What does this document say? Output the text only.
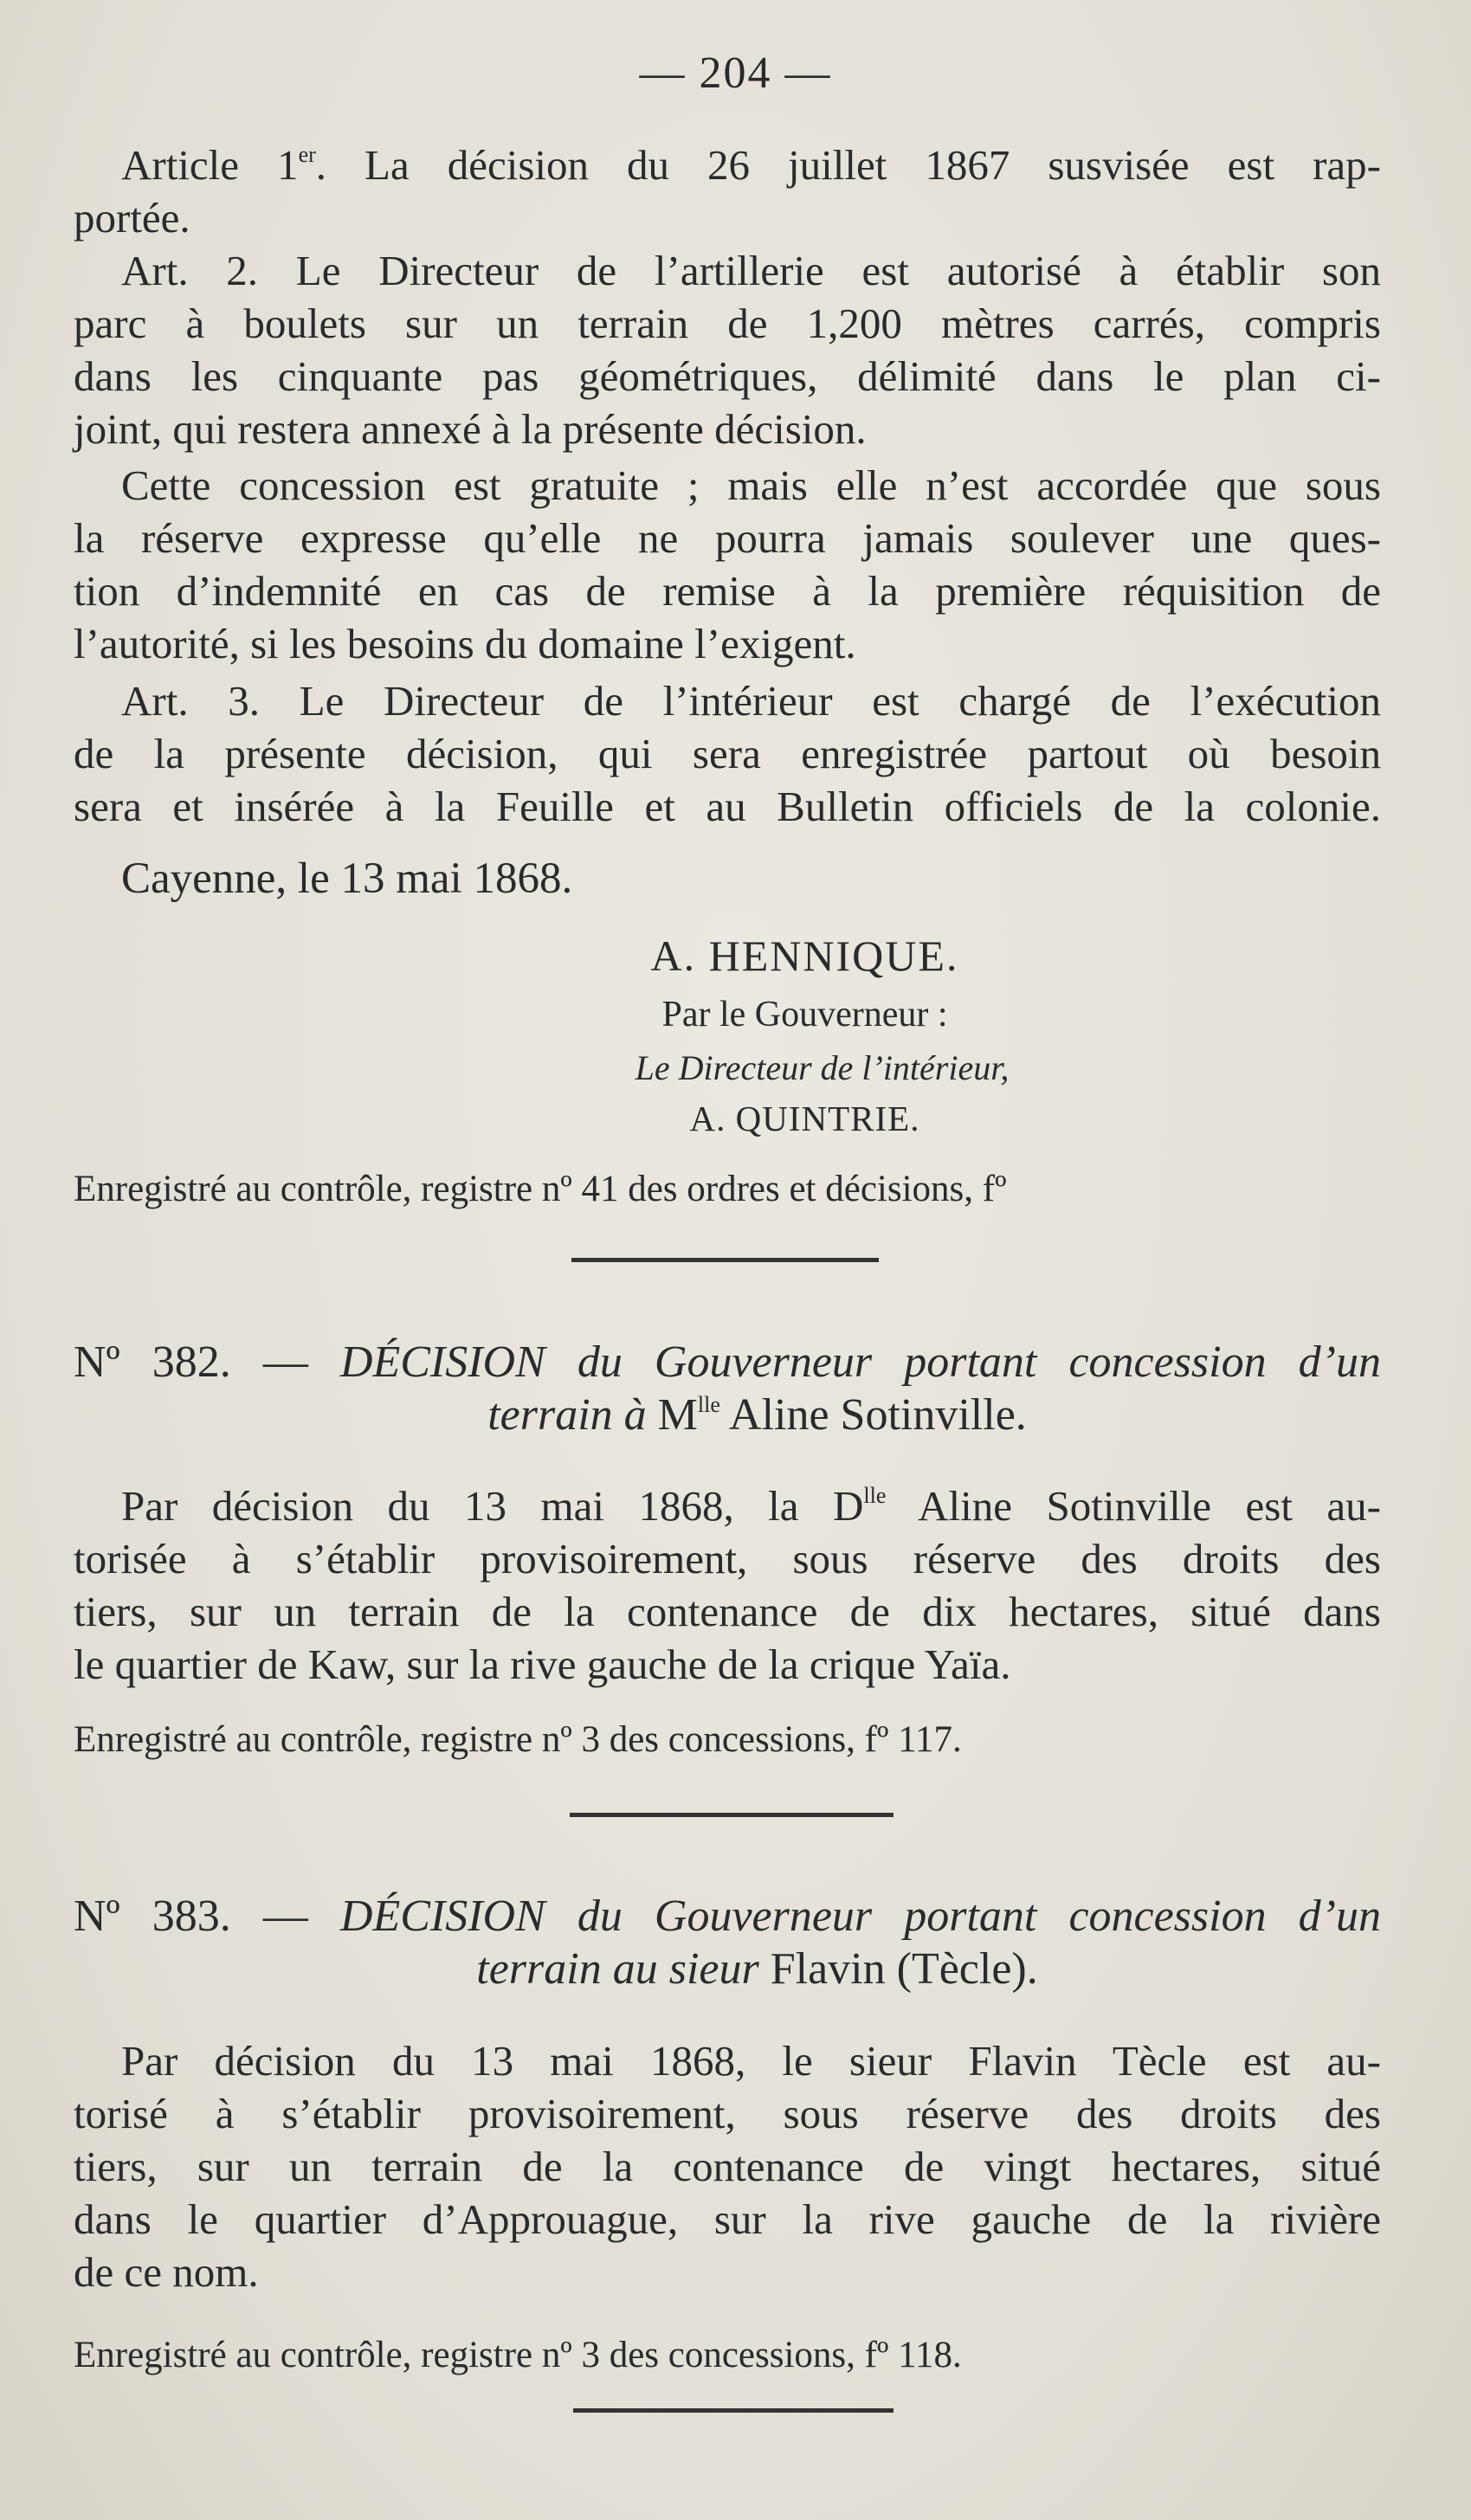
— 204 —
Article 1er. La décision du 26 juillet 1867 susvisée est rap-
portée.
Art. 2. Le Directeur de l’artillerie est autorisé à établir son
parc à boulets sur un terrain de 1,200 mètres carrés, compris
dans les cinquante pas géométriques, délimité dans le plan ci-
joint, qui restera annexé à la présente décision.
Cette concession est gratuite ; mais elle n’est accordée que sous
la réserve expresse qu’elle ne pourra jamais soulever une ques-
tion d’indemnité en cas de remise à la première réquisition de
l’autorité, si les besoins du domaine l’exigent.
Art. 3. Le Directeur de l’intérieur est chargé de l’exécution
de la présente décision, qui sera enregistrée partout où besoin
sera et insérée à la Feuille et au Bulletin officiels de la colonie.
Cayenne, le 13 mai 1868.
A. HENNIQUE.
Par le Gouverneur :
Le Directeur de l’intérieur,
A. QUINTRIE.
Enregistré au contrôle, registre nº 41 des ordres et décisions, fº
Nº 382. — DÉCISION du Gouverneur portant concession d’un
terrain à $M^{lle}$ Aline Sotinville.
Par décision du 13 mai 1868, la $D^{lle}$ Aline Sotinville est au-
torisée à s’établir provisoirement, sous réserve des droits des
tiers, sur un terrain de la contenance de dix hectares, situé dans
le quartier de Kaw, sur la rive gauche de la crique Yaïa.
Enregistré au contrôle, registre nº 3 des concessions, fº 117.
Nº 383. — DÉCISION du Gouverneur portant concession d’un
terrain au sieur Flavin (Tècle).
Par décision du 13 mai 1868, le sieur Flavin Tècle est au-
torisé à s’établir provisoirement, sous réserve des droits des
tiers, sur un terrain de la contenance de vingt hectares, situé
dans le quartier d’Approuague, sur la rive gauche de la rivière
de ce nom.
Enregistré au contrôle, registre nº 3 des concessions, fº 118.
